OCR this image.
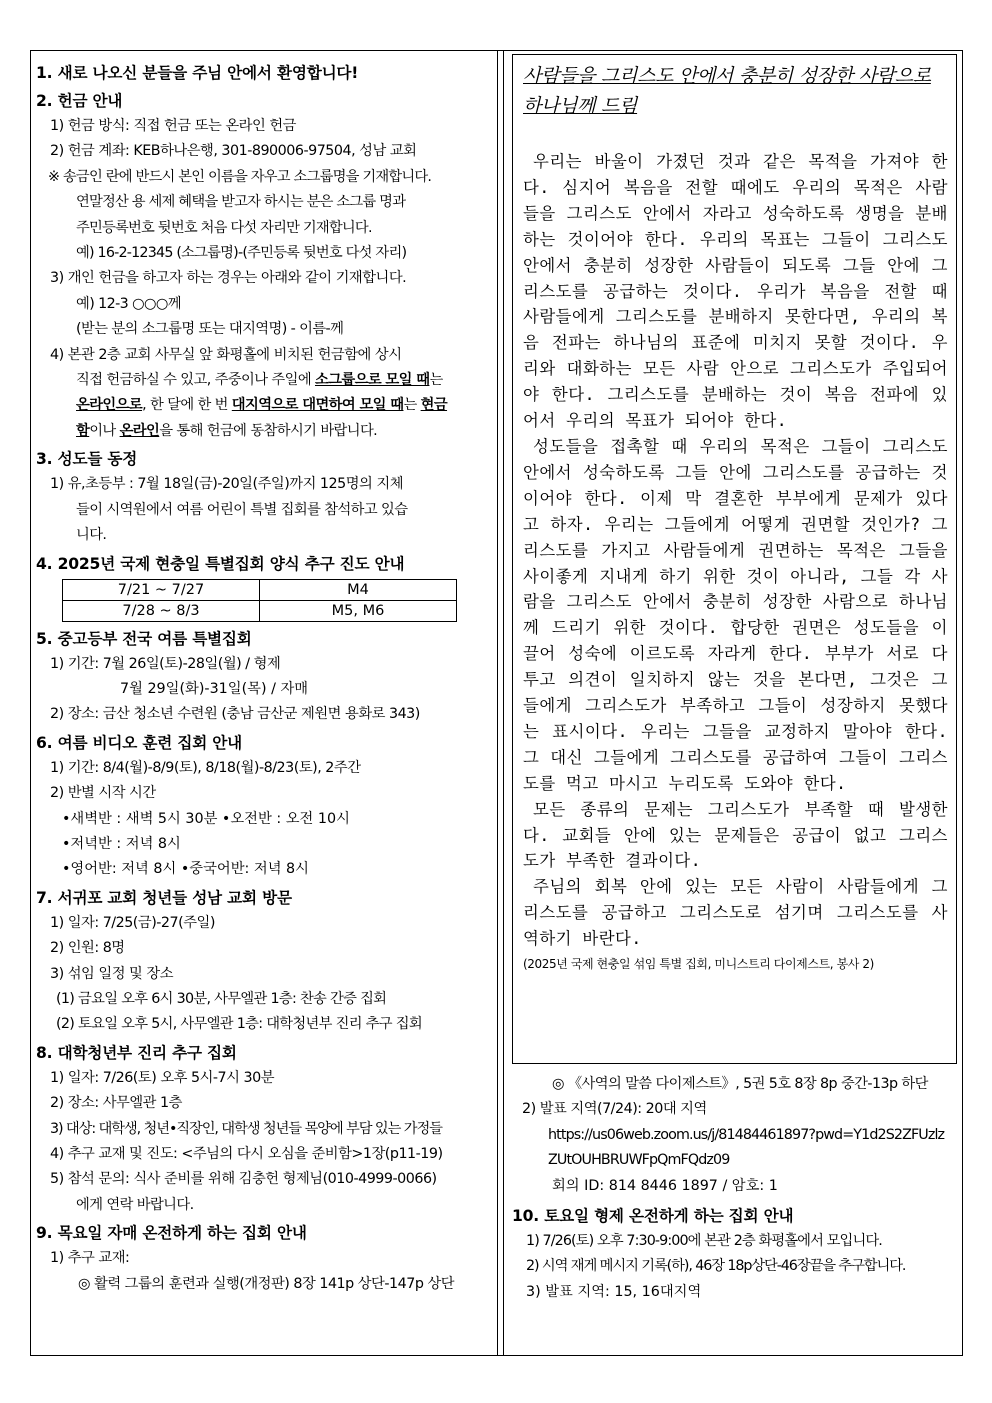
1. 새로 나오신 분들을 주님 안에서 환영합니다!
2. 헌금 안내
1) 헌금 방식: 직접 헌금 또는 온라인 헌금
2) 헌금 계좌: KEB하나은행, 301-890006-97504, 성남 교회
※ 송금인 란에 반드시 본인 이름을 자우고 소그룹명을 기재합니다.
연말정산 용 세제 혜택을 받고자 하시는 분은 소그룹 명과
주민등록번호 뒷번호 처음 다섯 자리만 기재합니다.
예) 16-2-12345 (소그룹명)-(주민등록 뒷번호 다섯 자리)
3) 개인 헌금을 하고자 하는 경우는 아래와 같이 기재합니다.
예) 12-3 ○○○께
(받는 분의 소그룹명 또는 대지역명) - 이름-께
4) 본관 2층 교회 사무실 앞 화평홀에 비치된 헌금함에 상시
직접 헌금하실 수 있고, 주중이나 주일에 소그룹으로 모일 때는
온라인으로, 한 달에 한 번 대지역으로 대면하여 모일 때는 현금
함이나 온라인을 통해 헌금에 동참하시기 바랍니다.
3. 성도들 동정
1) 유,초등부 : 7월 18일(금)-20일(주일)까지 125명의 지체
들이 시역원에서 여름 어린이 특별 집회를 참석하고 있습
니다.
4. 2025년 국제 현충일 특별집회 양식 추구 진도 안내
7/21 ~ 7/27	M4
7/28 ~ 8/3	M5, M6
5. 중고등부 전국 여름 특별집회
1) 기간: 7월 26일(토)-28일(월) / 형제
7월 29일(화)-31일(목) / 자매
2) 장소: 금산 청소년 수련원 (충남 금산군 제원면 용화로 343)
6. 여름 비디오 훈련 집회 안내
1) 기간: 8/4(월)-8/9(토), 8/18(월)-8/23(토), 2주간
2) 반별 시작 시간
•새벽반 : 새벽 5시 30분 •오전반 : 오전 10시
•저녁반 : 저녁 8시
•영어반: 저녁 8시 •중국어반: 저녁 8시
7. 서귀포 교회 청년들 성남 교회 방문
1) 일자: 7/25(금)-27(주일)
2) 인원: 8명
3) 섞임 일정 및 장소
(1) 금요일 오후 6시 30분, 사무엘관 1층: 찬송 간증 집회
(2) 토요일 오후 5시, 사무엘관 1층: 대학청년부 진리 추구 집회
8. 대학청년부 진리 추구 집회
1) 일자: 7/26(토) 오후 5시-7시 30분
2) 장소: 사무엘관 1층
3) 대상: 대학생, 청년•직장인, 대학생 청년들 목양에 부담 있는 가정들
4) 추구 교재 및 진도: <주님의 다시 오심을 준비함>1장(p11-19)
5) 참석 문의: 식사 준비를 위해 김충헌 형제님(010-4999-0066)
에게 연락 바랍니다.
9. 목요일 자매 온전하게 하는 집회 안내
1) 추구 교재:
◎ 활력 그룹의 훈련과 실행(개정판) 8장 141p 상단-147p 상단
사람들을 그리스도 안에서 충분히 성장한 사람으로 하나님께 드림

우리는 바울이 가졌던 것과 같은 목적을 가져야 한다. 심지어 복음을 전할 때에도 우리의 목적은 사람들을 그리스도 안에서 자라고 성숙하도록 생명을 분배하는 것이어야 한다. 우리의 목표는 그들이 그리스도 안에서 충분히 성장한 사람들이 되도록 그들 안에 그리스도를 공급하는 것이다. 우리가 복음을 전할 때 사람들에게 그리스도를 분배하지 못한다면, 우리의 복음 전파는 하나님의 표준에 미치지 못할 것이다. 우리와 대화하는 모든 사람 안으로 그리스도가 주입되어야 한다. 그리스도를 분배하는 것이 복음 전파에 있어서 우리의 목표가 되어야 한다.

성도들을 접촉할 때 우리의 목적은 그들이 그리스도 안에서 성숙하도록 그들 안에 그리스도를 공급하는 것이어야 한다. 이제 막 결혼한 부부에게 문제가 있다고 하자. 우리는 그들에게 어떻게 권면할 것인가? 그리스도를 가지고 사람들에게 권면하는 목적은 그들을 사이좋게 지내게 하기 위한 것이 아니라, 그들 각 사람을 그리스도 안에서 충분히 성장한 사람으로 하나님께 드리기 위한 것이다. 합당한 권면은 성도들을 이끌어 성숙에 이르도록 자라게 한다. 부부가 서로 다투고 의견이 일치하지 않는 것을 본다면, 그것은 그들에게 그리스도가 부족하고 그들이 성장하지 못했다는 표시이다. 우리는 그들을 교정하지 말아야 한다. 그 대신 그들에게 그리스도를 공급하여 그들이 그리스도를 먹고 마시고 누리도록 도와야 한다.

모든 종류의 문제는 그리스도가 부족할 때 발생한다. 교회들 안에 있는 문제들은 공급이 없고 그리스도가 부족한 결과이다.

주님의 회복 안에 있는 모든 사람이 사람들에게 그리스도를 공급하고 그리스도로 섬기며 그리스도를 사역하기 바란다.

(2025년 국제 현충일 섞임 특별 집회, 미니스트리 다이제스트, 봉사 2)
◎ 《사역의 말씀 다이제스트》, 5권 5호 8장 8p 중간-13p 하단
2) 발표 지역(7/24): 20대 지역
https://us06web.zoom.us/j/81484461897?pwd=Y1d2S2ZFUzlz
ZUtOUHBRUWFpQmFQdz09
회의 ID: 814 8446 1897 / 암호: 1
10. 토요일 형제 온전하게 하는 집회 안내
1) 7/26(토) 오후 7:30-9:00에 본관 2층 화평홀에서 모입니다.
2) 시역 재게 메시지 기록(하), 46장 18p상단-46장끝을 추구합니다.
3) 발표 지역: 15, 16대지역
